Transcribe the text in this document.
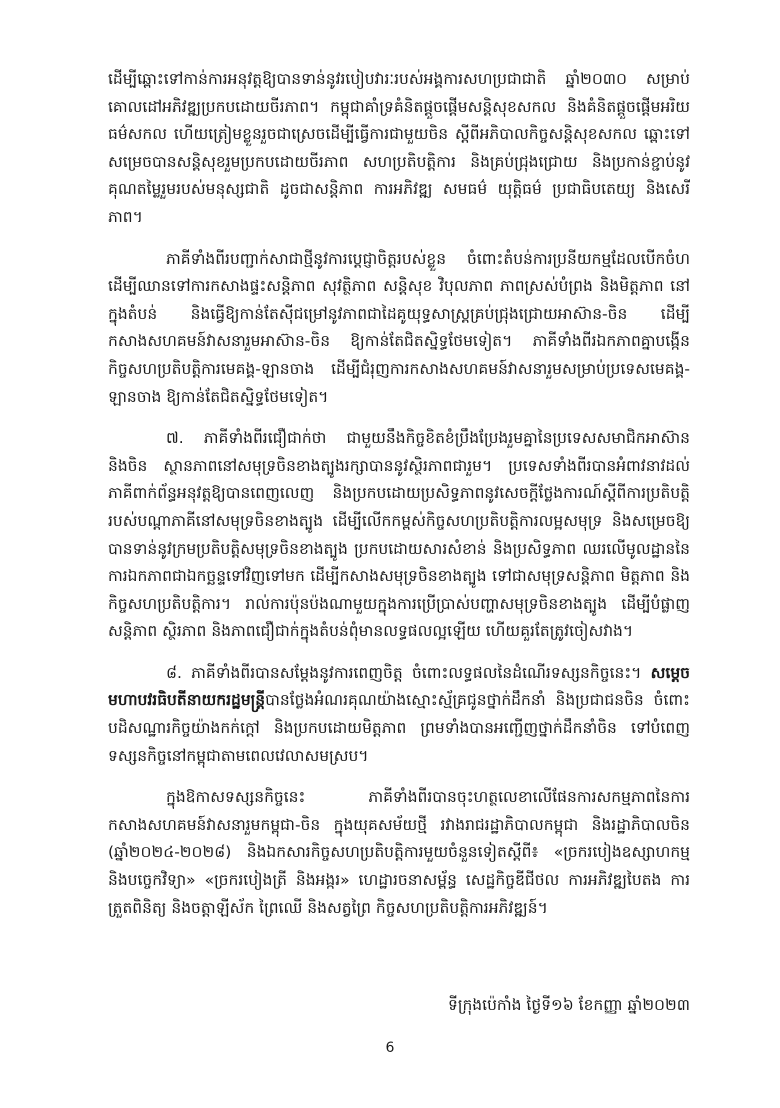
ដើម្បីឆ្ពោះទៅកាន់ការអនុវត្តឱ្យបានទាន់នូវរបៀបវារៈរបស់អង្គការសហប្រជាជាតិ ឆ្នាំ២០៣០ សម្រាប់គោលដៅអភិវឌ្ឍប្រកបដោយចីរភាព។ កម្ពុជាគាំទ្រគំនិតផ្តួចផ្តើមសន្តិសុខសកល និងគំនិតផ្តួចផ្តើមអរិយធម៌សកល ហើយត្រៀមខ្លួនរួចជាស្រេចដើម្បីធ្វើការជាមួយចិន ស្តីពីអភិបាលកិច្ចសន្តិសុខសកល ឆ្ពោះទៅសម្រេចបានសន្តិសុខរួមប្រកបដោយចីរភាព សហប្រតិបត្តិការ និងគ្រប់ជ្រុងជ្រោយ និងប្រកាន់ខ្ជាប់នូវគុណតម្លៃរួមរបស់មនុស្សជាតិ ដូចជាសន្តិភាព ការអភិវឌ្ឍ សមធម៌ យុត្តិធម៌ ប្រជាធិបតេយ្យ និងសេរីភាព។

ភាគីទាំងពីរបញ្ជាក់សាជាថ្មីនូវការប្តេជ្ញាចិត្តរបស់ខ្លួន ចំពោះតំបន់ការប្រនីយកម្មដែលបើកចំហ ដើម្បីឈានទៅការកសាងផ្ទះសន្តិភាព សុវត្ថិភាព សន្តិសុខ វិបុលភាព ភាពស្រស់បំព្រង និងមិត្តភាព នៅក្នុងតំបន់ និងធ្វើឱ្យកាន់តែស៊ីជម្រៅនូវភាពជាដៃគូយុទ្ធសាស្ត្រគ្រប់ជ្រុងជ្រោយអាស៊ាន-ចិន ដើម្បីកសាងសហគមន៍វាសនារួមអាស៊ាន-ចិន ឱ្យកាន់តែជិតស្និទ្ធថែមទៀត។ ភាគីទាំងពីរឯកភាពគ្នាបង្កើនកិច្ចសហប្រតិបត្តិការមេគង្គ-ឡានចាង ដើម្បីជំរុញការកសាងសហគមន៍វាសនារួមសម្រាប់ប្រទេសមេគង្គ-ឡានចាង ឱ្យកាន់តែជិតស្និទ្ធថែមទៀត។

៧. ភាគីទាំងពីរជឿជាក់ថា ជាមួយនឹងកិច្ចខិតខំប្រឹងប្រែងរួមគ្នានៃប្រទេសសមាជិកអាស៊ាន និងចិន ស្ថានភាពនៅសមុទ្រចិនខាងត្បូងរក្សាបាននូវស្ថិរភាពជារួម។ ប្រទេសទាំងពីរបានអំពាវនាវដល់ភាគីពាក់ព័ន្ធអនុវត្តឱ្យបានពេញលេញ និងប្រកបដោយប្រសិទ្ធភាពនូវសេចក្តីថ្លែងការណ៍ស្តីពីការប្រតិបត្តិរបស់បណ្តាភាគីនៅសមុទ្រចិនខាងត្បូង ដើម្បីលើកកម្ពស់កិច្ចសហប្រតិបត្តិការលម្អសមុទ្រ និងសម្រេចឱ្យបានទាន់នូវក្រមប្រតិបត្តិសមុទ្រចិនខាងត្បូង ប្រកបដោយសារសំខាន់ និងប្រសិទ្ធភាព ឈរលើមូលដ្ឋាននៃការឯកភាពជាឯកច្ឆន្ទទៅវិញទៅមក ដើម្បីកសាងសមុទ្រចិនខាងត្បូង ទៅជាសមុទ្រសន្តិភាព មិត្តភាព និងកិច្ចសហប្រតិបត្តិការ។ រាល់ការប៉ុនប៉ងណាមួយក្នុងការប្រើប្រាស់បញ្ហាសមុទ្រចិនខាងត្បូង ដើម្បីបំផ្លាញសន្តិភាព ស្ថិរភាព និងភាពជឿជាក់ក្នុងតំបន់ពុំមានលទ្ធផលល្អឡើយ ហើយគួរតែត្រូវចៀសវាង។

៨. ភាគីទាំងពីរបានសម្តែងនូវការពេញចិត្ត ចំពោះលទ្ធផលនៃដំណើរទស្សនកិច្ចនេះ។ សម្តេចមហាបវរធិបតីនាយករដ្ឋមន្ត្រីបានថ្លែងអំណរគុណយ៉ាងស្មោះស្ម័គ្រជូនថ្នាក់ដឹកនាំ និងប្រជាជនចិន ចំពោះបដិសណ្ឋារកិច្ចយ៉ាងកក់ក្តៅ និងប្រកបដោយមិត្តភាព ព្រមទាំងបានអញ្ជើញថ្នាក់ដឹកនាំចិន ទៅបំពេញទស្សនកិច្ចនៅកម្ពុជាតាមពេលវេលាសមស្រប។

ក្នុងឱកាសទស្សនកិច្ចនេះ ភាគីទាំងពីរបានចុះហត្ថលេខាលើផែនការសកម្មភាពនៃការកសាងសហគមន៍វាសនារួមកម្ពុជា-ចិន ក្នុងយុគសម័យថ្មី រវាងរាជរដ្ឋាភិបាលកម្ពុជា និងរដ្ឋាភិបាលចិន (ឆ្នាំ២០២៤-២០២៨) និងឯកសារកិច្ចសហប្រតិបត្តិការមួយចំនួនទៀតស្តីពី៖ «ច្រករបៀងឧស្សាហកម្ម និងបច្ចេកវិទ្យា» «ច្រករបៀងត្រី និងអង្ករ» ហេដ្ឋារចនាសម្ព័ន្ធ សេដ្ឋកិច្ចឌីជីថល ការអភិវឌ្ឍបៃតង ការត្រួតពិនិត្យ និងចត្តាឡីស័ក ព្រៃឈើ និងសត្វព្រៃ កិច្ចសហប្រតិបត្តិការអភិវឌ្ឍន៍។

ទីក្រុងប៉េកាំង ថ្ងៃទី១៦ ខែកញ្ញា ឆ្នាំ២០២៣
6
